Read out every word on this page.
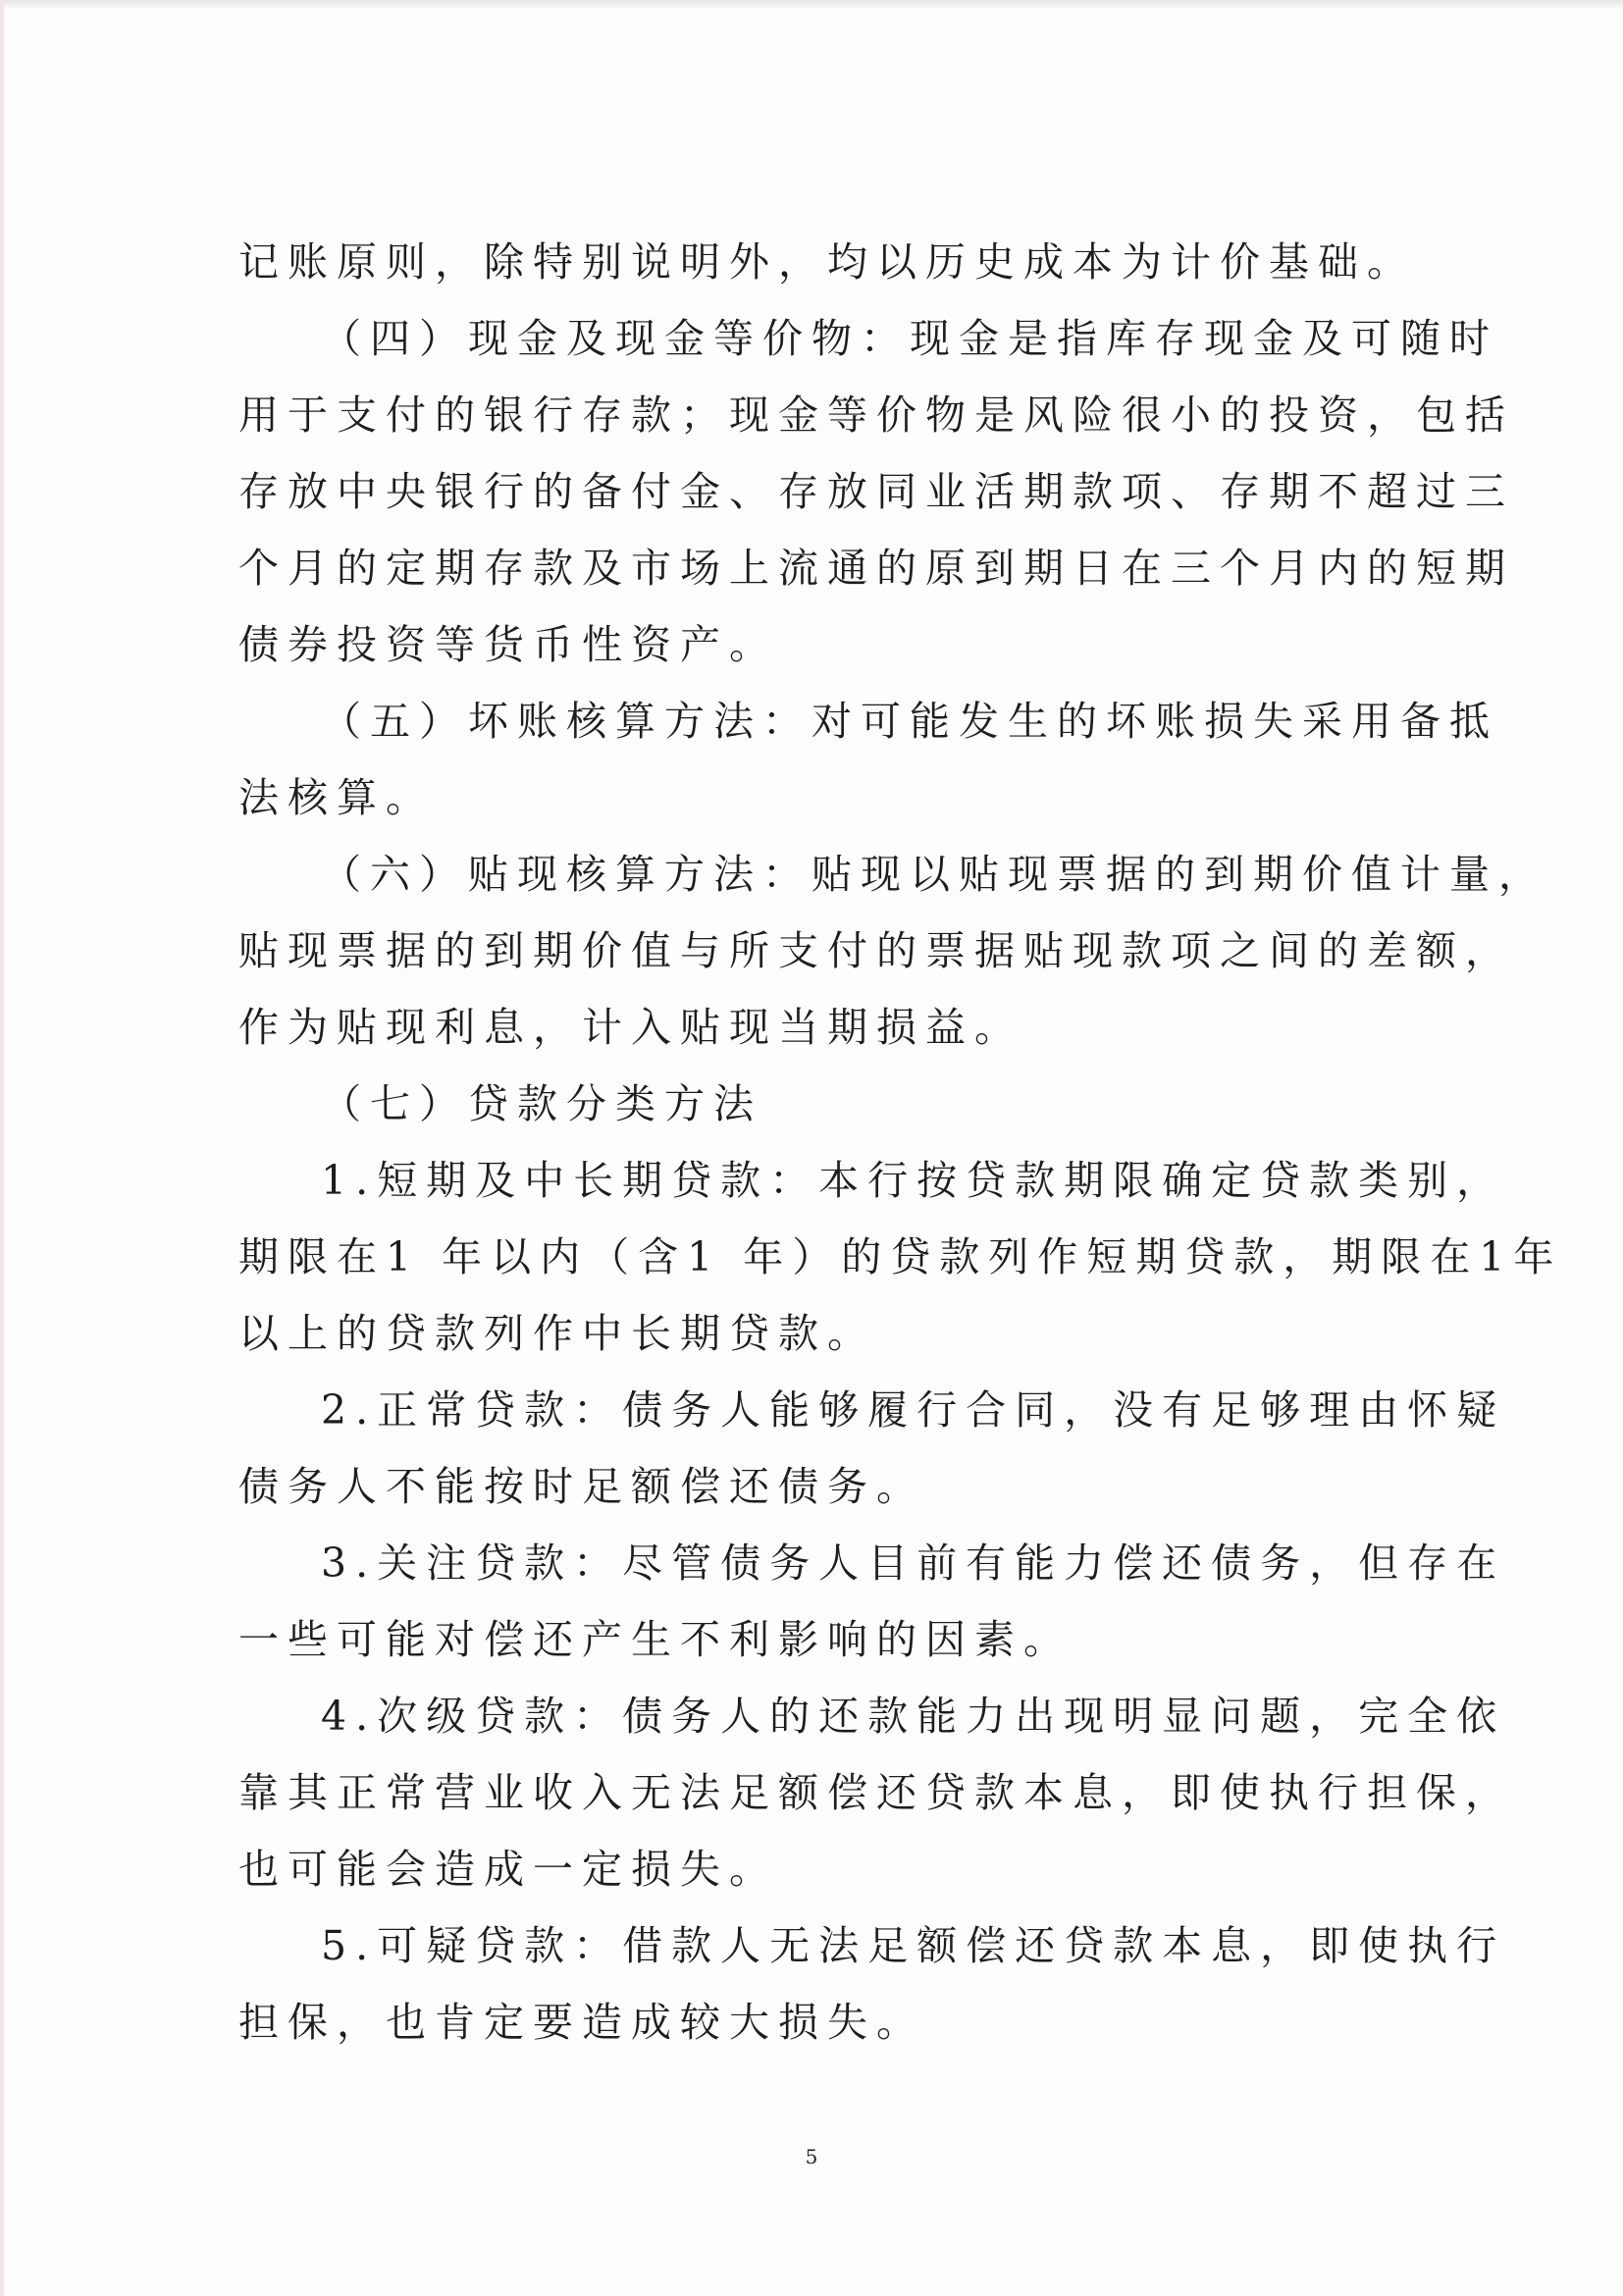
记账原则，除特别说明外，均以历史成本为计价基础。
（四）现金及现金等价物：现金是指库存现金及可随时
用于支付的银行存款；现金等价物是风险很小的投资，包括
存放中央银行的备付金、存放同业活期款项、存期不超过三
个月的定期存款及市场上流通的原到期日在三个月内的短期
债券投资等货币性资产。
（五）坏账核算方法：对可能发生的坏账损失采用备抵
法核算。
（六）贴现核算方法：贴现以贴现票据的到期价值计量，
贴现票据的到期价值与所支付的票据贴现款项之间的差额，
作为贴现利息，计入贴现当期损益。
（七）贷款分类方法
1.短期及中长期贷款：本行按贷款期限确定贷款类别，
期限在1 年以内（含1 年）的贷款列作短期贷款，期限在1年
以上的贷款列作中长期贷款。
2.正常贷款：债务人能够履行合同，没有足够理由怀疑
债务人不能按时足额偿还债务。
3.关注贷款：尽管债务人目前有能力偿还债务，但存在
一些可能对偿还产生不利影响的因素。
4.次级贷款：债务人的还款能力出现明显问题，完全依
靠其正常营业收入无法足额偿还贷款本息，即使执行担保，
也可能会造成一定损失。
5.可疑贷款：借款人无法足额偿还贷款本息，即使执行
担保，也肯定要造成较大损失。
5
